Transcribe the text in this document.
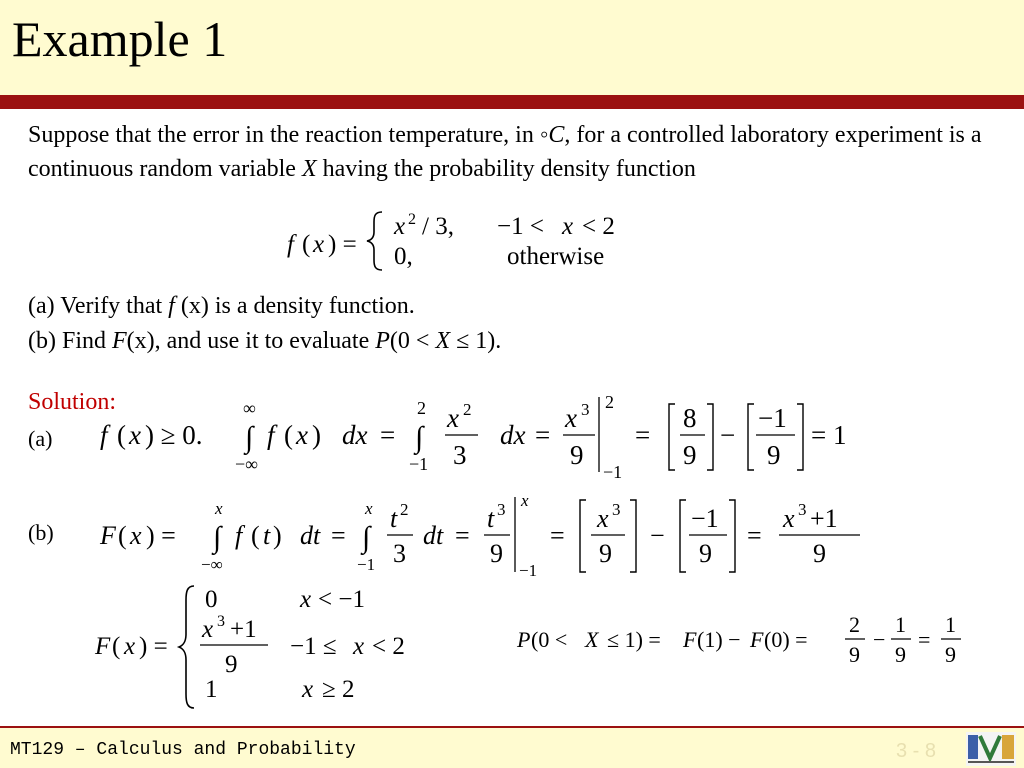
Example 1
Suppose that the error in the reaction temperature, in ◦C, for a controlled laboratory experiment is a continuous random variable X having the probability density function
f ( x ) =
x 2 / 3, −1 < x < 2
0,	otherwise
(a) Verify that f (x) is a density function.
(b) Find F(x), and use it to evaluate P(0 < X ≤ 1).
Solution:
(a) f ( x ) ≥ 0.
∞
∫
−∞
f ( x ) dx =
2
∫
−1
x 2
3
dx =
x 3
9
2
−1
=
8
9
−
−1
9
= 1
(b) F ( x ) =
x
∫
−∞
f ( t ) dt =
x
∫
−1
t 2
3
dt =
t 3
9
x
−1
=
x 3
9
−
−1
9
=
x 3 +1
9
F ( x ) =
0	x < −1
x 3 +1
9
−1 ≤ x < 2
1	x ≥ 2
P (0 < X ≤ 1) = F (1) − F (0) =
2
9
−
1
9
=
1
9
MT129 – Calculus and Probability	3 - 8
